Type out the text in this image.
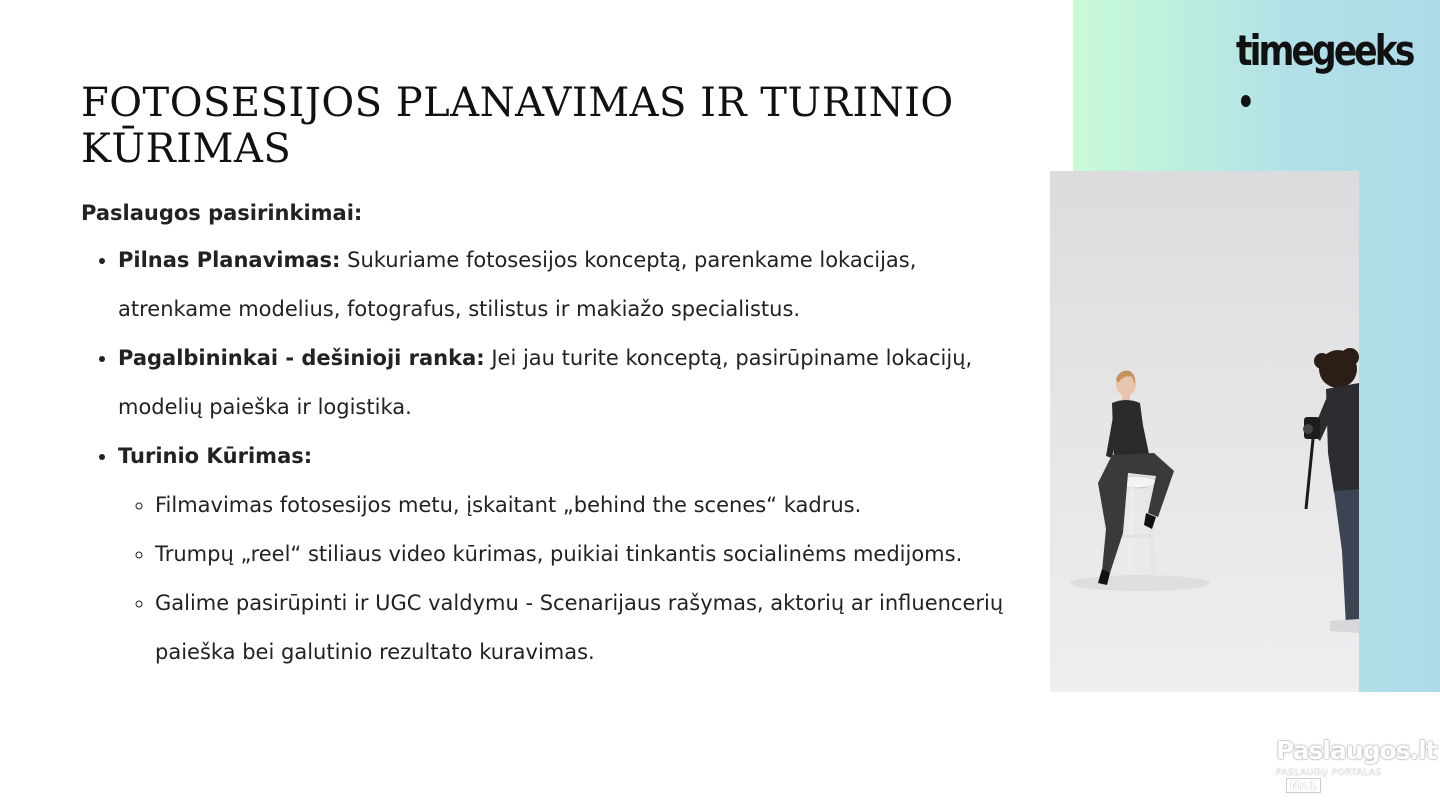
timegeeks
FOTOSESIJOS PLANAVIMAS IR TURINIO KŪRIMAS

Paslaugos pasirinkimai:

• Pilnas Planavimas: Sukuriame fotosesijos konceptą, parenkame lokacijas, atrenkame modelius, fotografus, stilistus ir makiažo specialistus.
• Pagalbininkai - dešinioji ranka: Jei jau turite konceptą, pasirūpiname lokacijų, modelių paieška ir logistika.
• Turinio Kūrimas:
◦ Filmavimas fotosesijos metu, įskaitant „behind the scenes“ kadrus.
◦ Trumpų „reel“ stiliaus video kūrimas, puikiai tinkantis socialinėms medijoms.
◦ Galime pasirūpinti ir UGC valdymu - Scenarijaus rašymas, aktorių ar influencerių paieška bei galutinio rezultato kuravimas.
Paslaugos.lt
PASLAUGŲ PORTALASNr.1
